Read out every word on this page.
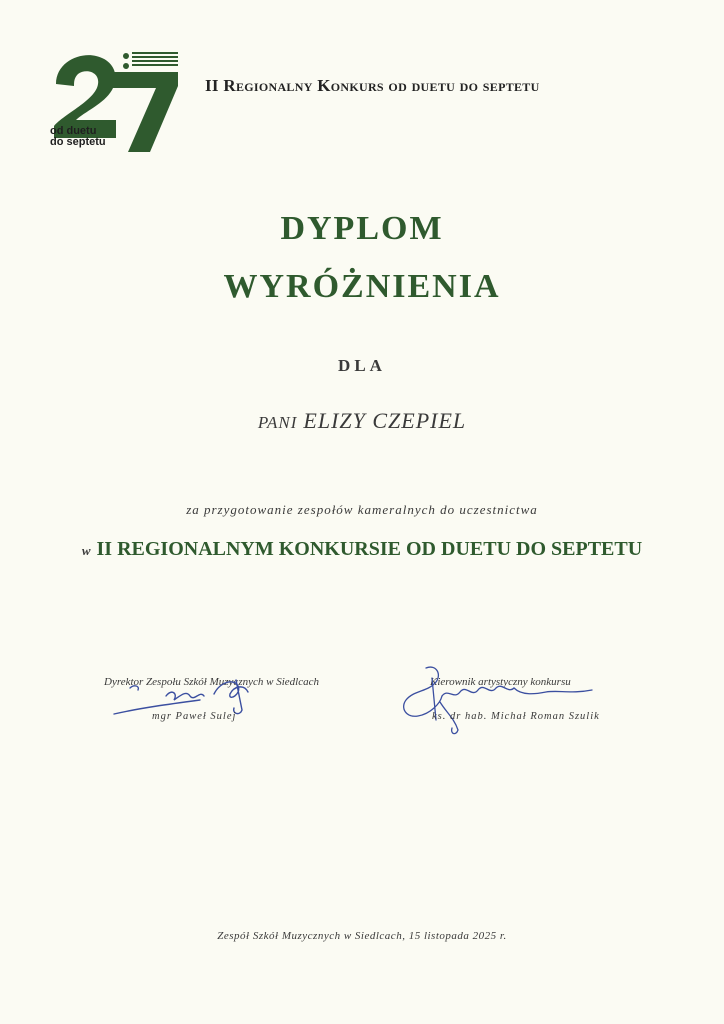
od duetu
do septetu
II Regionalny Konkurs od duetu do septetu
DYPLOM
WYRÓŻNIENIA
DLA
PANI ELIZY CZEPIEL
za przygotowanie zespołów kameralnych do uczestnictwa
w II REGIONALNYM KONKURSIE OD DUETU DO SEPTETU
Dyrektor Zespołu Szkół Muzycznych w Siedlcach
mgr Paweł Sulej
Kierownik artystyczny konkursu
ks. dr hab. Michał Roman Szulik
Zespół Szkół Muzycznych w Siedlcach, 15 listopada 2025 r.
